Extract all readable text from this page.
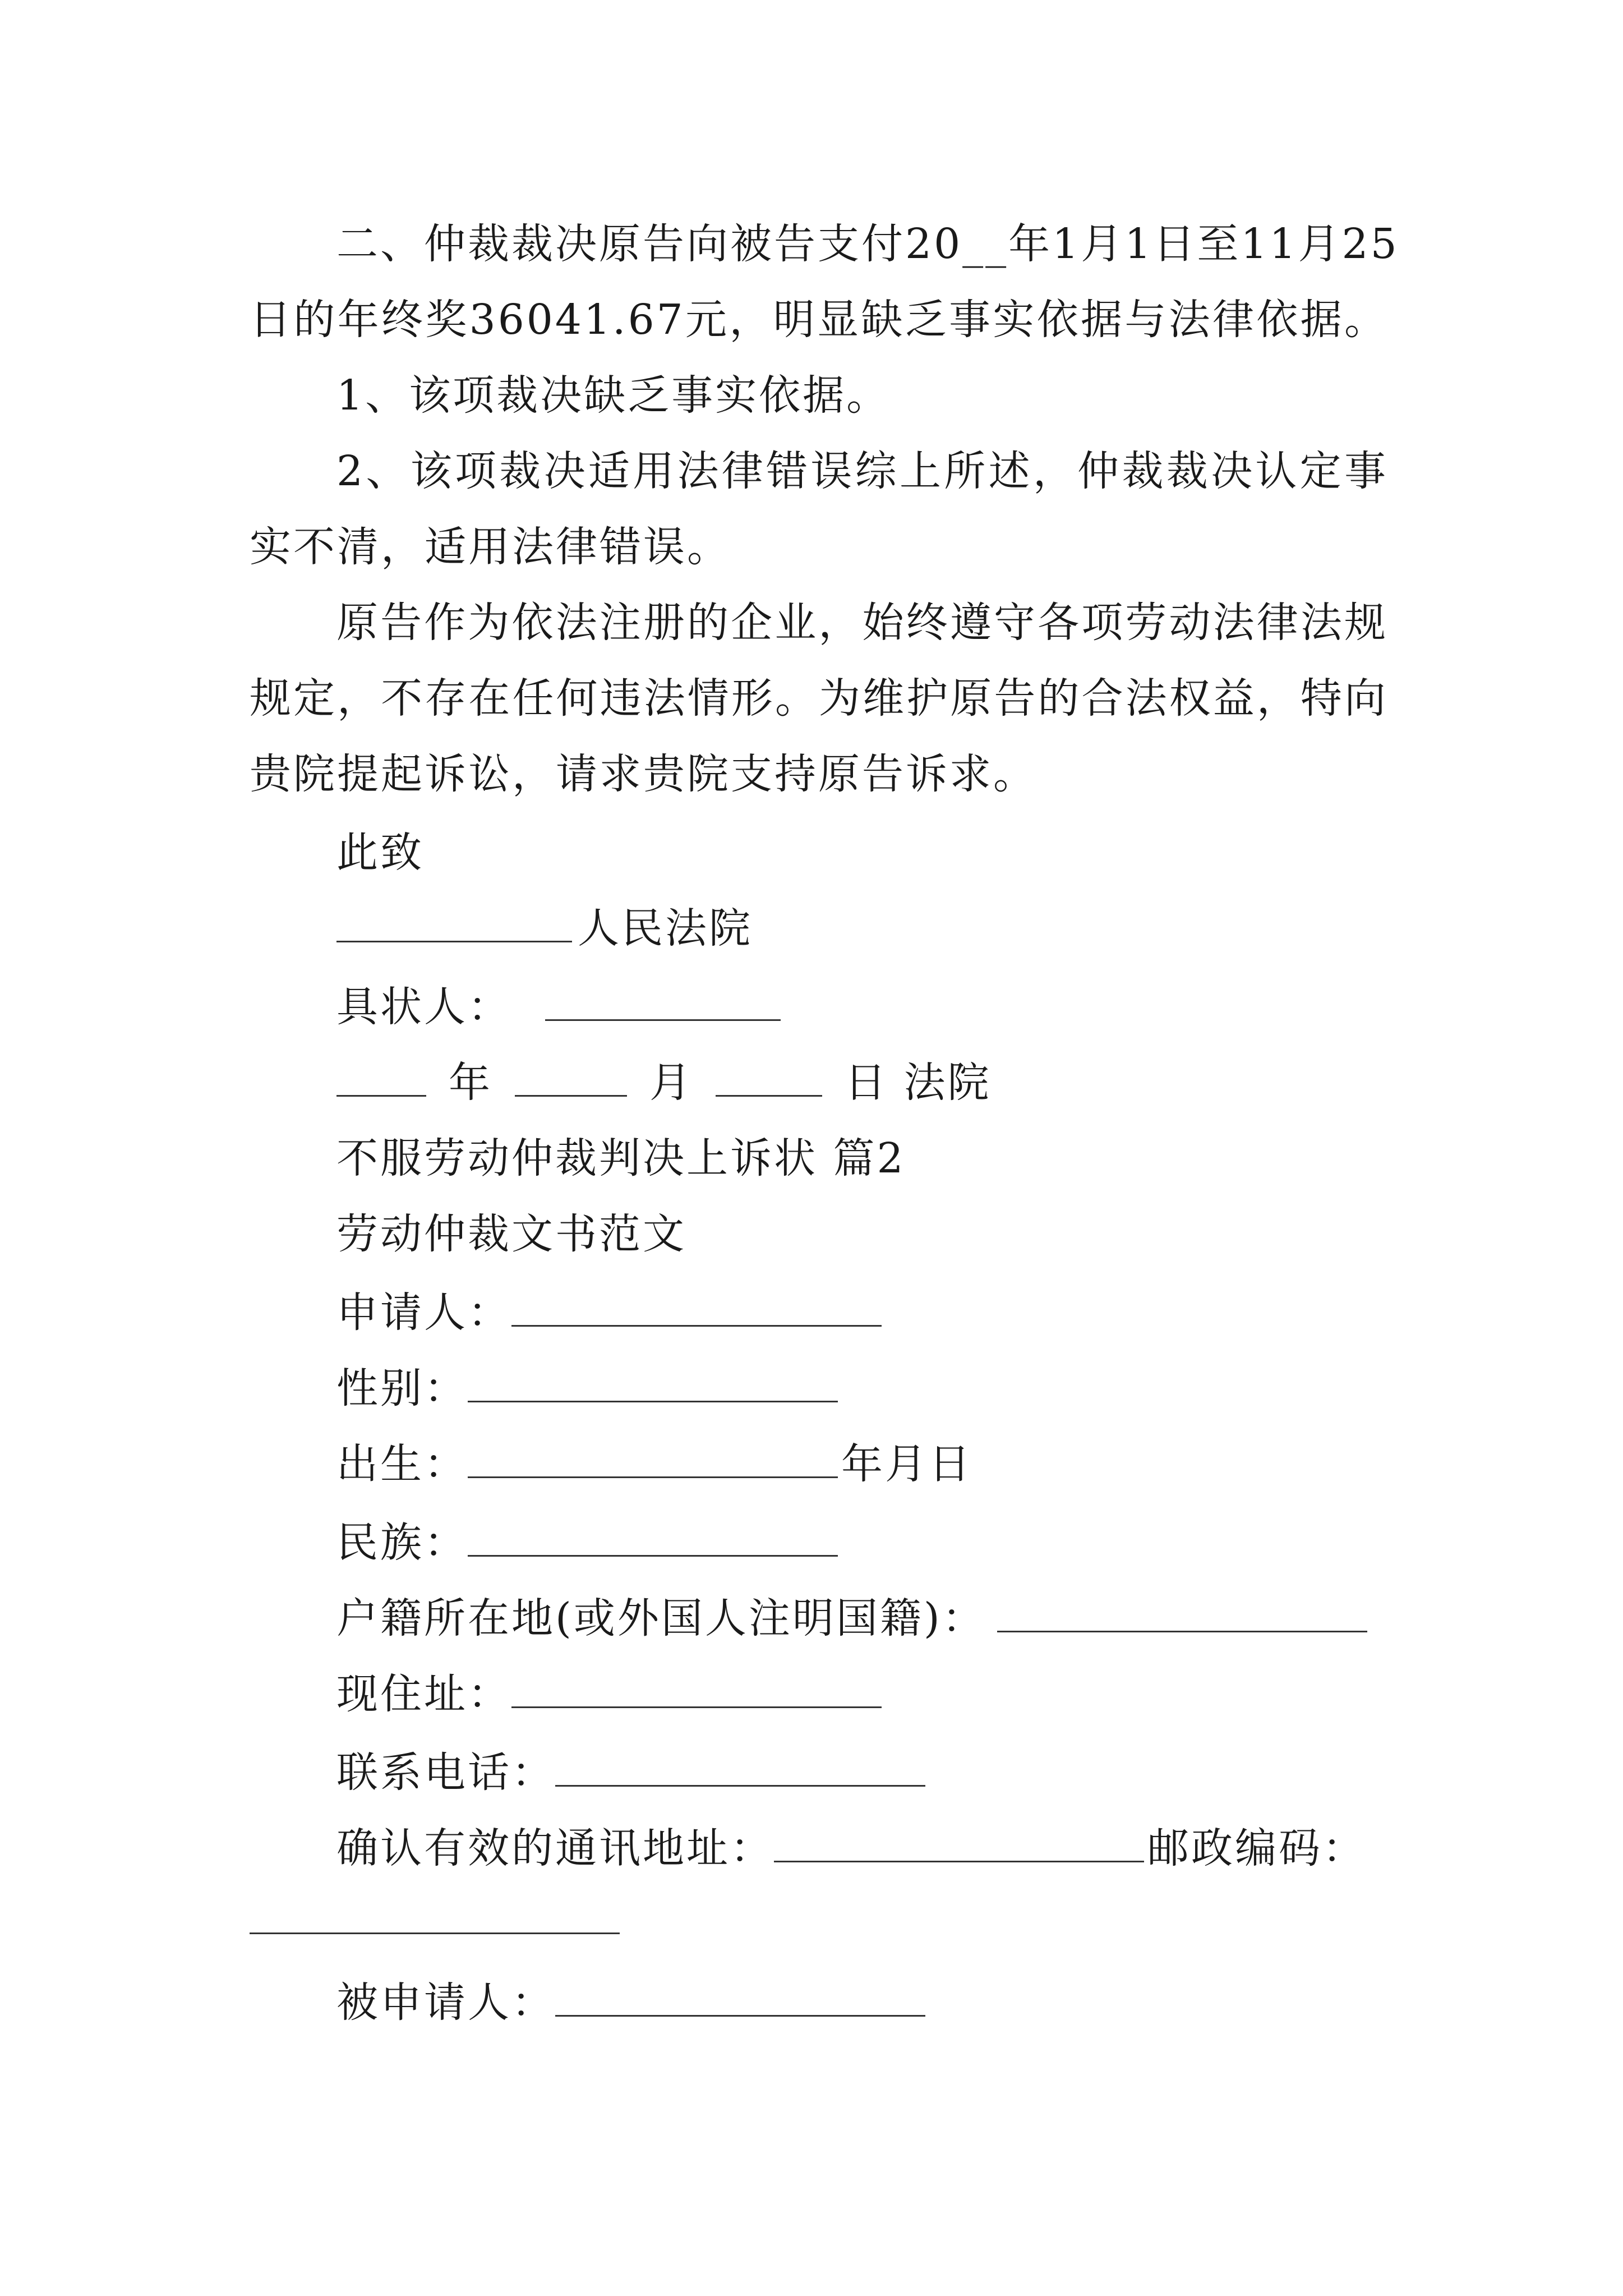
二、仲裁裁决原告向被告支付20__年1月1日至11月25
日的年终奖36041.67元，明显缺乏事实依据与法律依据。
1、该项裁决缺乏事实依据。
2、该项裁决适用法律错误综上所述，仲裁裁决认定事
实不清，适用法律错误。
原告作为依法注册的企业，始终遵守各项劳动法律法规
规定，不存在任何违法情形。为维护原告的合法权益，特向
贵院提起诉讼，请求贵院支持原告诉求。
此致
人民法院
具状人：
年	月	日 法院
不服劳动仲裁判决上诉状 篇2
劳动仲裁文书范文
申请人：
性别：
出生：	年月日
民族：
户籍所在地(或外国人注明国籍)：
现住址：
联系电话：
确认有效的通讯地址：	邮政编码：
被申请人：
